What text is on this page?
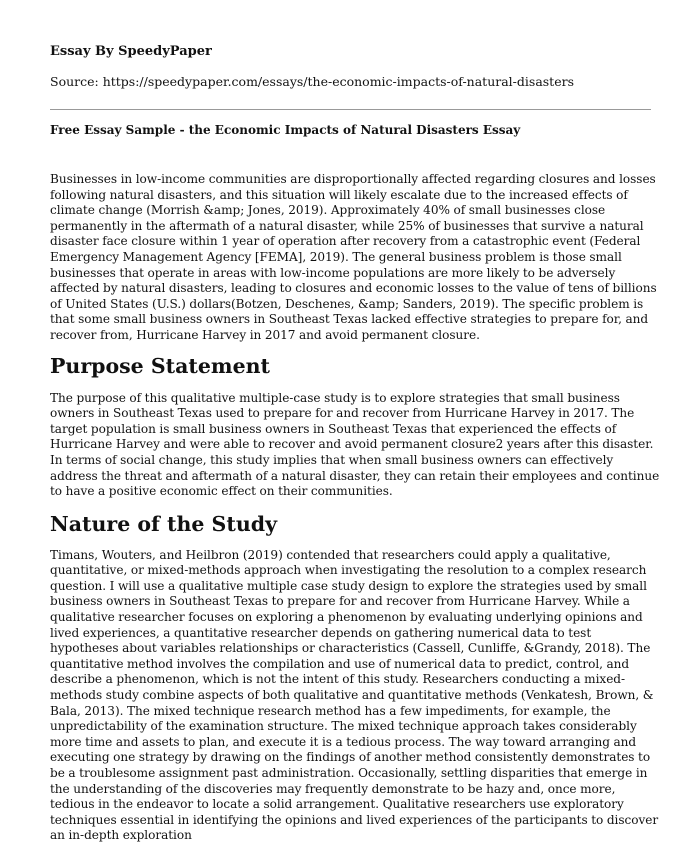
Essay By SpeedyPaper
Source: https://speedypaper.com/essays/the-economic-impacts-of-natural-disasters
Free Essay Sample - the Economic Impacts of Natural Disasters Essay

Businesses in low-income communities are disproportionally affected regarding closures and losses following natural disasters, and this situation will likely escalate due to the increased effects of climate change (Morrish &amp; Jones, 2019). Approximately 40% of small businesses close permanently in the aftermath of a natural disaster, while 25% of businesses that survive a natural disaster face closure within 1 year of operation after recovery from a catastrophic event (Federal Emergency Management Agency [FEMA], 2019). The general business problem is those small businesses that operate in areas with low-income populations are more likely to be adversely affected by natural disasters, leading to closures and economic losses to the value of tens of billions of United States (U.S.) dollars(Botzen, Deschenes, &amp; Sanders, 2019). The specific problem is that some small business owners in Southeast Texas lacked effective strategies to prepare for, and recover from, Hurricane Harvey in 2017 and avoid permanent closure.

Purpose Statement

The purpose of this qualitative multiple-case study is to explore strategies that small business owners in Southeast Texas used to prepare for and recover from Hurricane Harvey in 2017. The target population is small business owners in Southeast Texas that experienced the effects of Hurricane Harvey and were able to recover and avoid permanent closure2 years after this disaster. In terms of social change, this study implies that when small business owners can effectively address the threat and aftermath of a natural disaster, they can retain their employees and continue to have a positive economic effect on their communities.

Nature of the Study

Timans, Wouters, and Heilbron (2019) contended that researchers could apply a qualitative, quantitative, or mixed-methods approach when investigating the resolution to a complex research question. I will use a qualitative multiple case study design to explore the strategies used by small business owners in Southeast Texas to prepare for and recover from Hurricane Harvey. While a qualitative researcher focuses on exploring a phenomenon by evaluating underlying opinions and lived experiences, a quantitative researcher depends on gathering numerical data to test hypotheses about variables relationships or characteristics (Cassell, Cunliffe, &Grandy, 2018). The quantitative method involves the compilation and use of numerical data to predict, control, and describe a phenomenon, which is not the intent of this study. Researchers conducting a mixed-methods study combine aspects of both qualitative and quantitative methods (Venkatesh, Brown, & Bala, 2013). The mixed technique research method has a few impediments, for example, the unpredictability of the examination structure. The mixed technique approach takes considerably more time and assets to plan, and execute it is a tedious process. The way toward arranging and executing one strategy by drawing on the findings of another method consistently demonstrates to be a troublesome assignment past administration. Occasionally, settling disparities that emerge in the understanding of the discoveries may frequently demonstrate to be hazy and, once more, tedious in the endeavor to locate a solid arrangement. Qualitative researchers use exploratory techniques essential in identifying the opinions and lived experiences of the participants to discover an in-depth exploration
